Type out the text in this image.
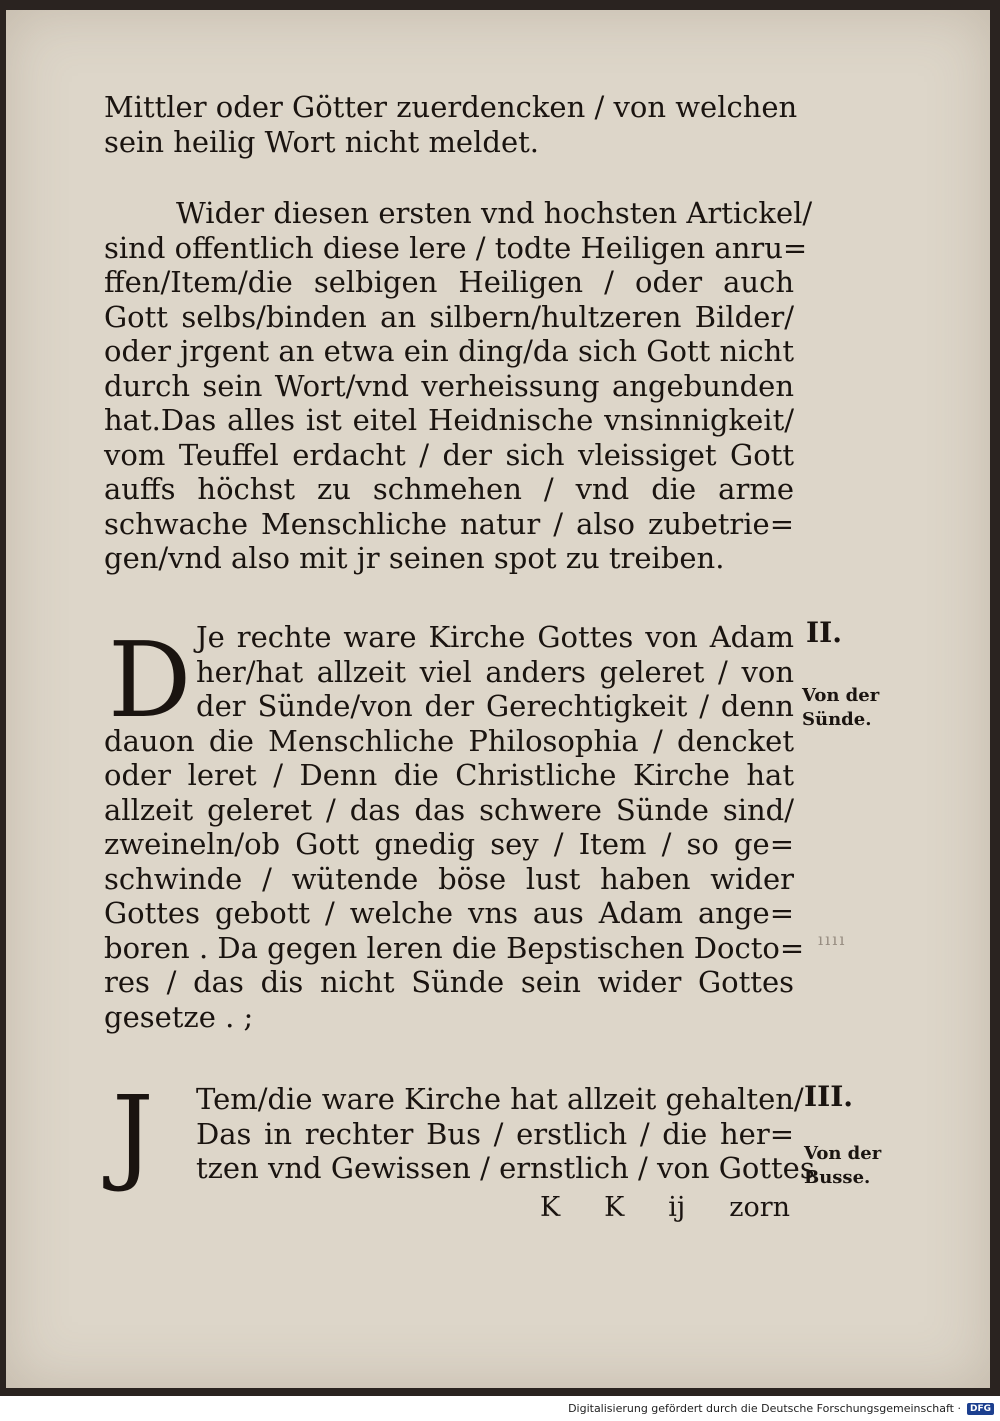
Mittler oder Götter zuerdencken / von welchen
sein heilig Wort nicht meldet.
Wider diesen ersten vnd hochsten Artickel/
sind offentlich diese lere / todte Heiligen anru=
ffen/Item/die selbigen Heiligen / oder auch
Gott selbs/binden an silbern/hultzeren Bilder/
oder jrgent an etwa ein ding/da sich Gott nicht
durch sein Wort/vnd verheissung angebunden
hat.Das alles ist eitel Heidnische vnsinnigkeit/
vom Teuffel erdacht / der sich vleissiget Gott
auffs höchst zu schmehen / vnd die arme
schwache Menschliche natur / also zubetrie=
gen/vnd also mit jr seinen spot zu treiben.
D	II.
Von der
Sünde.
Je rechte ware Kirche Gottes von Adam
her/hat allzeit viel anders geleret / von
der Sünde/von der Gerechtigkeit / denn
dauon die Menschliche Philosophia / dencket
oder leret / Denn die Christliche Kirche hat
allzeit geleret / das das schwere Sünde sind/
zweineln/ob Gott gnedig sey / Item / so ge=
schwinde / wütende böse lust haben wider
Gottes gebott / welche vns aus Adam ange=
boren . Da gegen leren die Bepstischen Docto=
res / das dis nicht Sünde sein wider Gottes
gesetze . ;
ıııı
J	III.
Von der
Busse.
Tem/die ware Kirche hat allzeit gehalten/
Das in rechter Bus / erstlich / die her=
tzen vnd Gewissen / ernstlich / von Gottes
K K ij zorn
Digitalisierung gefördert durch die Deutsche Forschungsgemeinschaft ·	DFG
